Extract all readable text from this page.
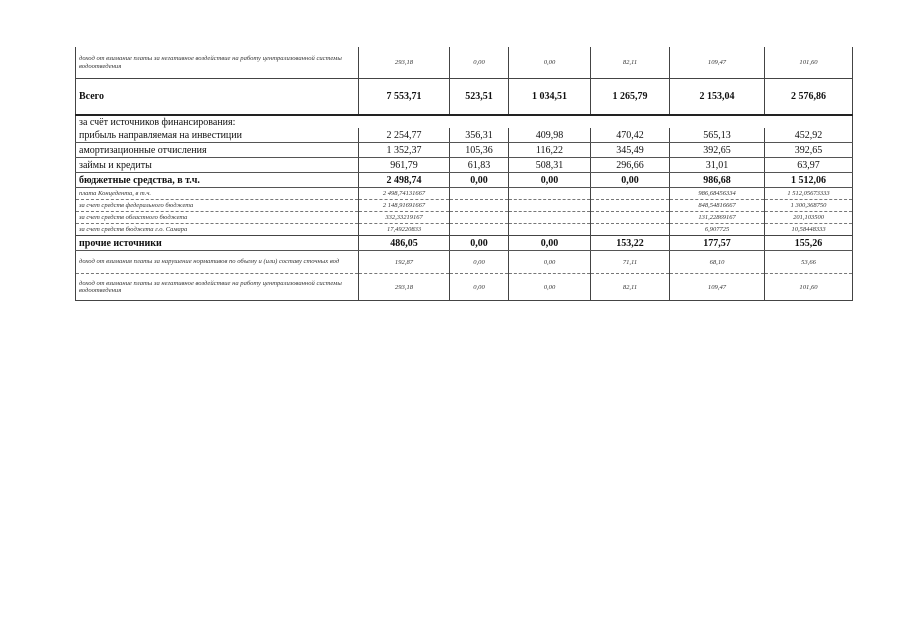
доход от взимание платы за негативное воздействие на работу централизованной системы водоотведения	293,18	0,00	0,00	82,11	109,47	101,60
Всего	7 553,71	523,51	1 034,51	1 265,79	2 153,04	2 576,86
за счёт источников финансирования:						
прибыль направляемая на инвестиции	2 254,77	356,31	409,98	470,42	565,13	452,92
амортизационные отчисления	1 352,37	105,36	116,22	345,49	392,65	392,65
займы и кредиты	961,79	61,83	508,31	296,66	31,01	63,97
бюджетные средства, в т.ч.	2 498,74	0,00	0,00	0,00	986,68	1 512,06
плата Концедента, в т.ч.	2 498,74131667				986,68456334	1 512,05673333
за счет средств федерального бюджета	2 148,91691667				848,54816667	1 300,368750
за счет средств областного бюджета	332,33219167				131,22869167	201,103500
за счет средств бюджета г.о. Самара	17,49220833				6,907725	10,58448333
прочие источники	486,05	0,00	0,00	153,22	177,57	155,26
доход от взимания платы за нарушение нормативов по объему и (или) составу сточных вод	192,87	0,00	0,00	71,11	68,10	53,66
доход от взимание платы за негативное воздействие на работу централизованной системы водоотведения	293,18	0,00	0,00	82,11	109,47	101,60
